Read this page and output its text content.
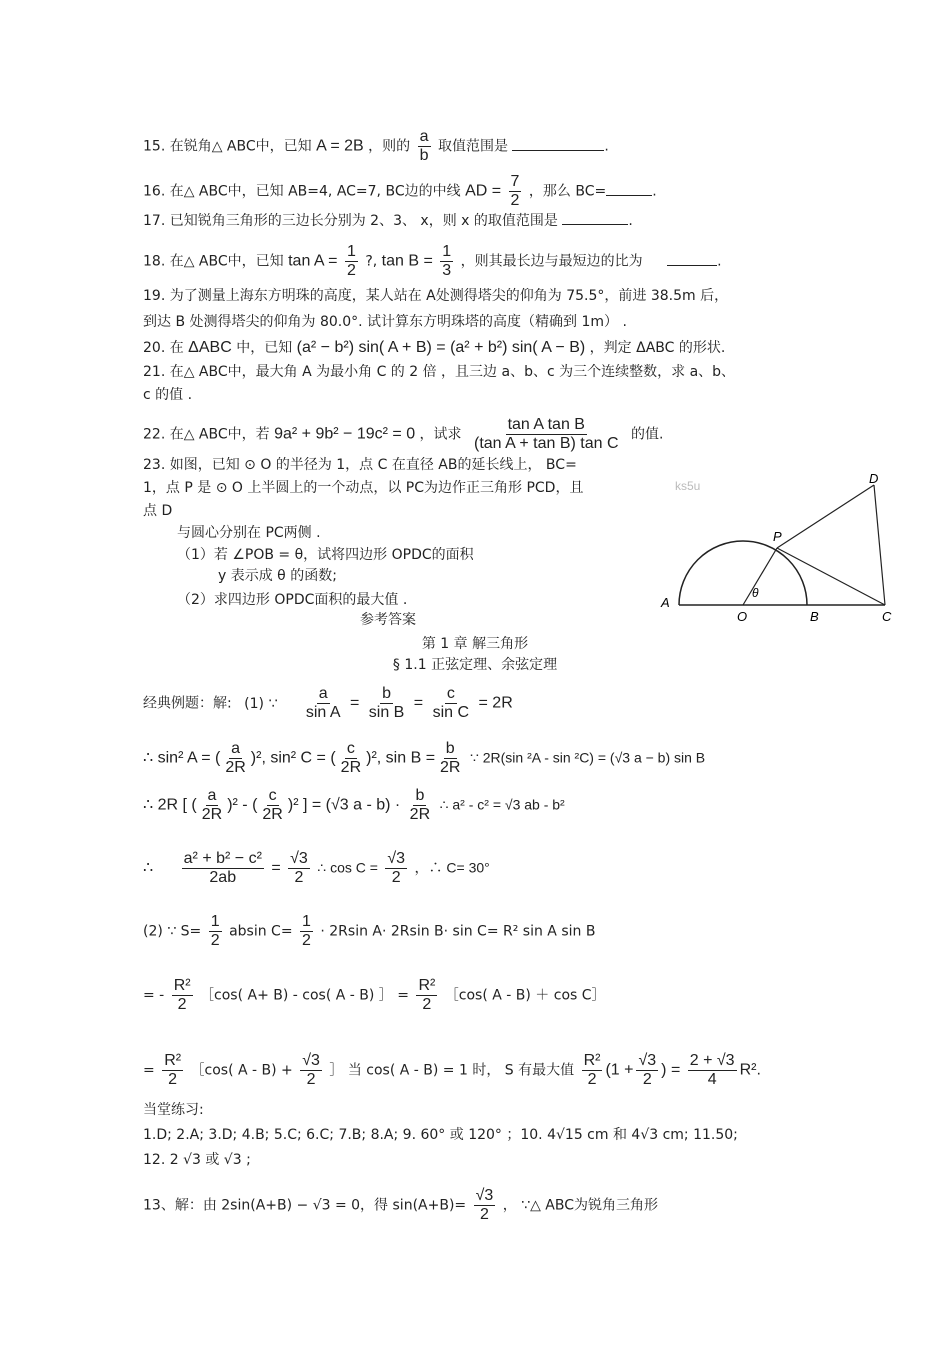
15. 在锐角△ ABC中，已知 A = 2B ，则的 $\frac{a}{b}$ 取值范围是	.
16. 在△ ABC中，已知 AB=4, AC=7, BC边的中线 AD = $\frac{7}{2}$ ，那么 BC=	.
17. 已知锐角三角形的三边长分别为 2、3、 x，则 x 的取值范围是	.
18. 在△ ABC中，已知 $\tan A = \frac{1}{2}$ ?, $\tan B = \frac{1}{3}$ ，则其最长边与最短边的比为	.
19. 为了测量上海东方明珠的高度，某人站在 A处测得塔尖的仰角为 75.5°，前进 38.5m 后，
到达 B 处测得塔尖的仰角为 80.0°. 试计算东方明珠塔的高度（精确到 1m） .
20. 在 ΔABC 中，已知 (a² − b²) sin( A + B) = (a² + b²) sin( A − B) ，判定 ΔABC 的形状.
21. 在△ ABC中，最大角 A 为最小角 C 的 2 倍 ，且三边 a、b、c 为三个连续整数，求 a、b、
c 的值 .
22. 在△ ABC中，若 9a² + 9b² − 19c² = 0 ，试求 $\frac{\text{tan A tan B}}{\text{(tan A + tan B) tan C}}$ 的值.
23. 如图，已知 ⊙ O 的半径为 1，点 C 在直径 AB的延长线上， BC=
1，点 P 是 ⊙ O 上半圆上的一个动点，以 PC为边作正三角形 PCD，且
点 D
与圆心分别在 PC两侧 .
（1）若 ∠POB = θ，试将四边形 OPDC的面积
y 表示成 θ 的函数;
（2）求四边形 OPDC面积的最大值 .
ks5u
A
O	B	C
P
D
θ
参考答案
第 1 章 解三角形
§ 1.1 正弦定理、余弦定理
经典例题：解: (1) ∵ $\frac{a}{\text{sin A}} = \frac{b}{\text{sin B}} = \frac{c}{\text{sin C}} = 2R$
∴ sin² A = ( $\frac{a}{2R} )^2$, sin² C = ( $\frac{c}{2R} )^2$, $\sin B = \frac{b}{2R}$ ∵ 2R(sin ²A - sin ²C) = (√3 a − b) sin B
∴ 2R [ ( $\frac{a}{2R} )^2$ - ( $\frac{c}{2R} )^2$ ] = (√3 $a - b) \cdot \frac{b}{2R}$ ∴ a² - c² = √3 ab - b²
∴ $\frac{\text{a² + b² − c²}}{2ab} = \frac{√3}{2}$ ∴ $\cos C = \frac{√3}{2}$ ，∴ C= 30°
(2) ∵ $S= \frac{1}{2}$ absin $C= \frac{1}{2} \cdot 2Rsin$ A· 2Rsin B· sin C= R² sin A sin B
= - $\frac{\text{R²}}{2}$ ［cos( A+ B) - cos( A - B) ］ = $\frac{\text{R²}}{2}$ ［cos( A - B) ＋ cos C］
= $\frac{\text{R²}}{2}$ ［cos( $A - B) + \frac{√3}{2}$ ］ 当 cos( A - B) = 1 时， S 有最大值 $\frac{\text{R²}}{2} (1 + \frac{√3}{2}$ ) = $\frac{2 + √3}{4} R^2$.
当堂练习:
1.D; 2.A; 3.D; 4.B; 5.C; 6.C; 7.B; 8.A; 9. 60° 或 120° ；10. 4√15 cm 和 4√3 cm; 11.50;
12. 2 √3 或 √3 ;
13、解：由 2sin(A+B) − √3 = 0，得 $\sin(A+B)= \frac{√3}{2}$ ， ∵△ ABC为锐角三角形
